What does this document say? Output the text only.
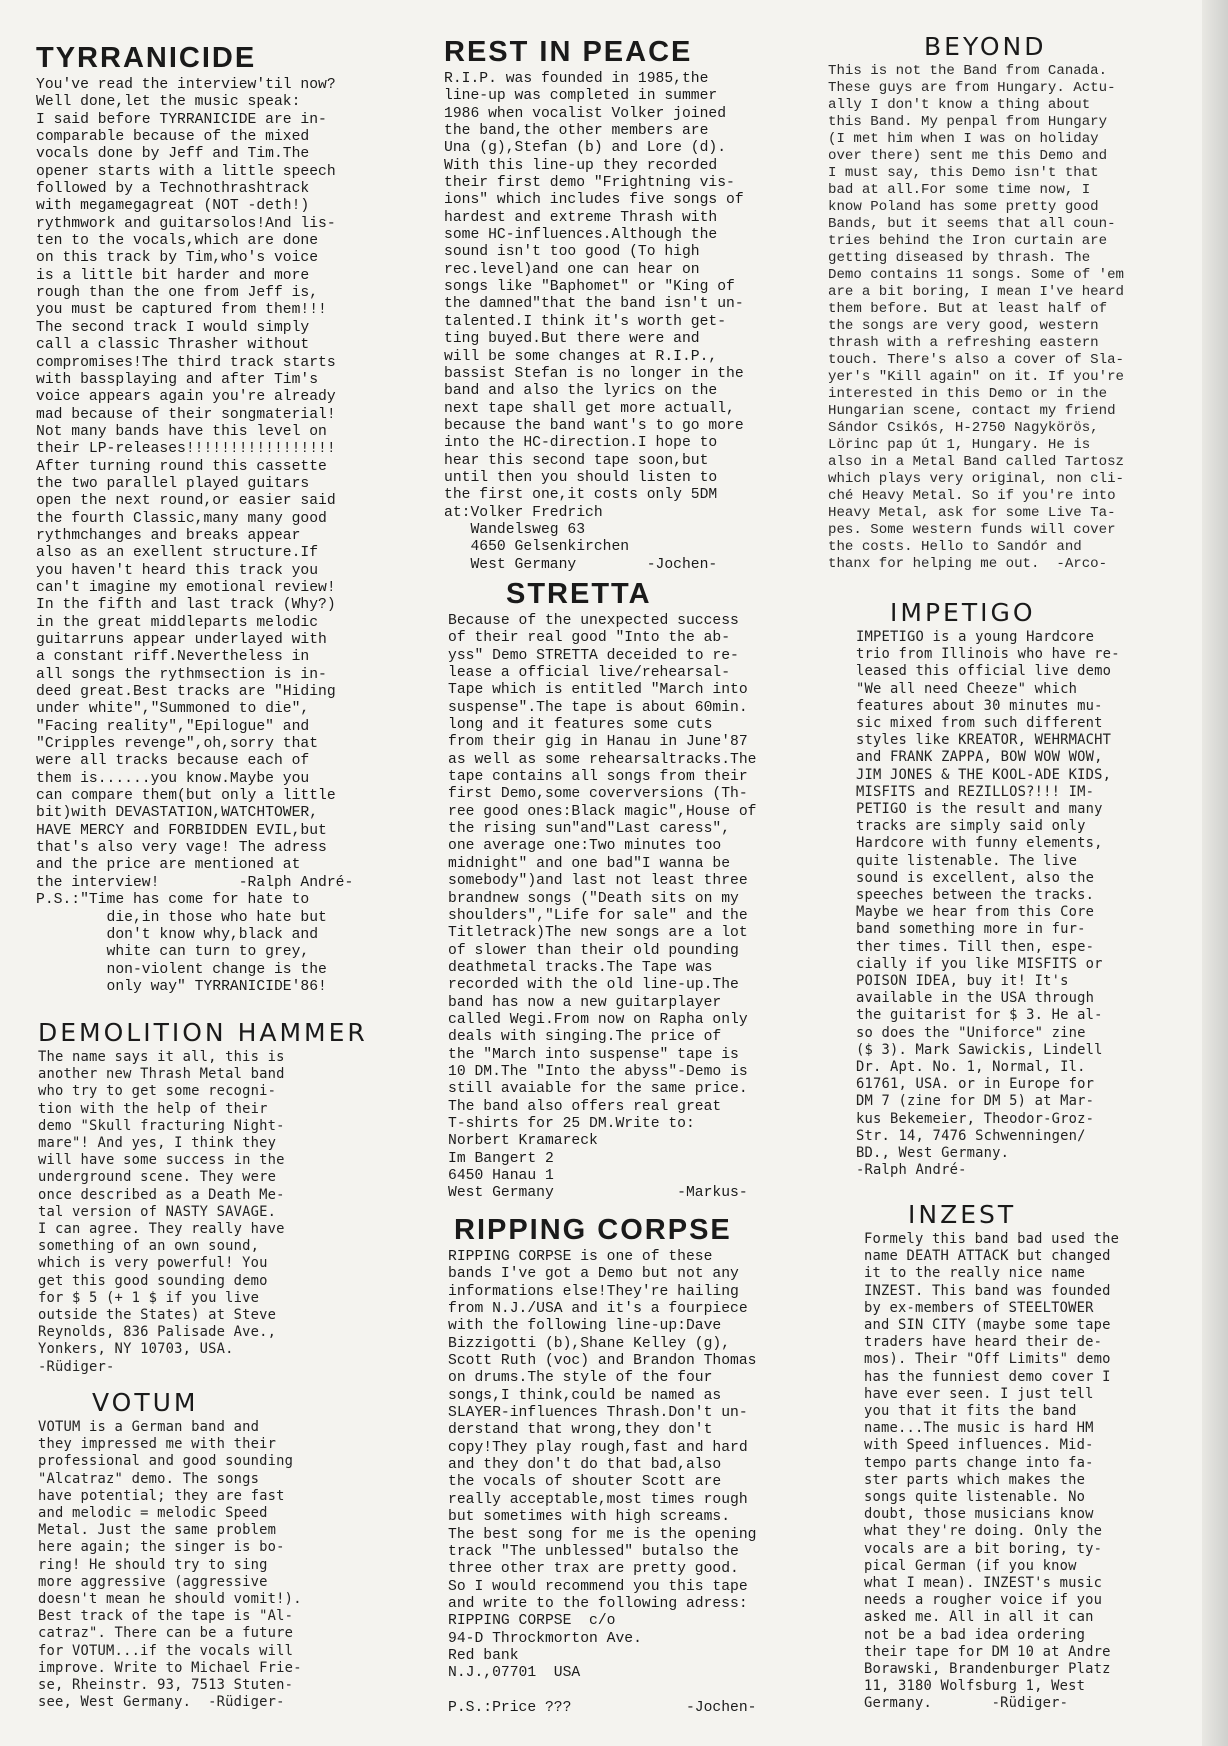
TYRRANICIDE
You've read the interview'til now?
Well done,let the music speak:
I said before TYRRANICIDE are in-
comparable because of the mixed
vocals done by Jeff and Tim.The
opener starts with a little speech
followed by a Technothrashtrack
with megamegagreat (NOT -deth!)
rythmwork and guitarsolos!And lis-
ten to the vocals,which are done
on this track by Tim,who's voice
is a little bit harder and more
rough than the one from Jeff is,
you must be captured from them!!!
The second track I would simply
call a classic Thrasher without
compromises!The third track starts
with bassplaying and after Tim's
voice appears again you're already
mad because of their songmaterial!
Not many bands have this level on
their LP-releases!!!!!!!!!!!!!!!!!
After turning round this cassette
the two parallel played guitars
open the next round,or easier said
the fourth Classic,many many good
rythmchanges and breaks appear
also as an exellent structure.If
you haven't heard this track you
can't imagine my emotional review!
In the fifth and last track (Why?)
in the great middleparts melodic
guitarruns appear underlayed with
a constant riff.Nevertheless in
all songs the rythmsection is in-
deed great.Best tracks are "Hiding
under white","Summoned to die",
"Facing reality","Epilogue" and
"Cripples revenge",oh,sorry that
were all tracks because each of
them is......you know.Maybe you
can compare them(but only a little
bit)with DEVASTATION,WATCHTOWER,
HAVE MERCY and FORBIDDEN EVIL,but
that's also very vage! The adress
and the price are mentioned at
the interview!         -Ralph André-
P.S.:"Time has come for hate to
die,in those who hate but
don't know why,black and
white can turn to grey,
non-violent change is the
only way" TYRRANICIDE'86!
DEMOLITION HAMMER
The name says it all, this is
another new Thrash Metal band
who try to get some recogni-
tion with the help of their
demo "Skull fracturing Night-
mare"! And yes, I think they
will have some success in the
underground scene. They were
once described as a Death Me-
tal version of NASTY SAVAGE.
I can agree. They really have
something of an own sound,
which is very powerful! You
get this good sounding demo
for $ 5 (+ 1 $ if you live
outside the States) at Steve
Reynolds, 836 Palisade Ave.,
Yonkers, NY 10703, USA.
-Rüdiger-
VOTUM
VOTUM is a German band and
they impressed me with their
professional and good sounding
"Alcatraz" demo. The songs
have potential; they are fast
and melodic = melodic Speed
Metal. Just the same problem
here again; the singer is bo-
ring! He should try to sing
more aggressive (aggressive
doesn't mean he should vomit!).
Best track of the tape is "Al-
catraz". There can be a future
for VOTUM...if the vocals will
improve. Write to Michael Frie-
se, Rheinstr. 93, 7513 Stuten-
see, West Germany.  -Rüdiger-
REST IN PEACE
R.I.P. was founded in 1985,the
line-up was completed in summer
1986 when vocalist Volker joined
the band,the other members are
Una (g),Stefan (b) and Lore (d).
With this line-up they recorded
their first demo "Frightning vis-
ions" which includes five songs of
hardest and extreme Thrash with
some HC-influences.Although the
sound isn't too good (To high
rec.level)and one can hear on
songs like "Baphomet" or "King of
the damned"that the band isn't un-
talented.I think it's worth get-
ting buyed.But there were and
will be some changes at R.I.P.,
bassist Stefan is no longer in the
band and also the lyrics on the
next tape shall get more actuall,
because the band want's to go more
into the HC-direction.I hope to
hear this second tape soon,but
until then you should listen to
the first one,it costs only 5DM
at:Volker Fredrich
Wandelsweg 63
4650 Gelsenkirchen
West Germany        -Jochen-
STRETTA
Because of the unexpected success
of their real good "Into the ab-
yss" Demo STRETTA deceided to re-
lease a official live/rehearsal-
Tape which is entitled "March into
suspense".The tape is about 60min.
long and it features some cuts
from their gig in Hanau in June'87
as well as some rehearsaltracks.The
tape contains all songs from their
first Demo,some coverversions (Th-
ree good ones:Black magic",House of
the rising sun"and"Last caress",
one average one:Two minutes too
midnight" and one bad"I wanna be
somebody")and last not least three
brandnew songs ("Death sits on my
shoulders","Life for sale" and the
Titletrack)The new songs are a lot
of slower than their old pounding
deathmetal tracks.The Tape was
recorded with the old line-up.The
band has now a new guitarplayer
called Wegi.From now on Rapha only
deals with singing.The price of
the "March into suspense" tape is
10 DM.The "Into the abyss"-Demo is
still avaiable for the same price.
The band also offers real great
T-shirts for 25 DM.Write to:
Norbert Kramareck
Im Bangert 2
6450 Hanau 1
West Germany              -Markus-
RIPPING CORPSE
RIPPING CORPSE is one of these
bands I've got a Demo but not any
informations else!They're hailing
from N.J./USA and it's a fourpiece
with the following line-up:Dave
Bizzigotti (b),Shane Kelley (g),
Scott Ruth (voc) and Brandon Thomas
on drums.The style of the four
songs,I think,could be named as
SLAYER-influences Thrash.Don't un-
derstand that wrong,they don't
copy!They play rough,fast and hard
and they don't do that bad,also
the vocals of shouter Scott are
really acceptable,most times rough
but sometimes with high screams.
The best song for me is the opening
track "The unblessed" butalso the
three other trax are pretty good.
So I would recommend you this tape
and write to the following adress:
RIPPING CORPSE  c/o
94-D Throckmorton Ave.
Red bank
N.J.,07701  USA

P.S.:Price ???             -Jochen-
BEYOND
This is not the Band from Canada.
These guys are from Hungary. Actu-
ally I don't know a thing about
this Band. My penpal from Hungary
(I met him when I was on holiday
over there) sent me this Demo and
I must say, this Demo isn't that
bad at all.For some time now, I
know Poland has some pretty good
Bands, but it seems that all coun-
tries behind the Iron curtain are
getting diseased by thrash. The
Demo contains 11 songs. Some of 'em
are a bit boring, I mean I've heard
them before. But at least half of
the songs are very good, western
thrash with a refreshing eastern
touch. There's also a cover of Sla-
yer's "Kill again" on it. If you're
interested in this Demo or in the
Hungarian scene, contact my friend
Sándor Csikós, H-2750 Nagykörös,
Lörinc pap út 1, Hungary. He is
also in a Metal Band called Tartosz
which plays very original, non cli-
ché Heavy Metal. So if you're into
Heavy Metal, ask for some Live Ta-
pes. Some western funds will cover
the costs. Hello to Sandór and
thanx for helping me out.  -Arco-
IMPETIGO
IMPETIGO is a young Hardcore
trio from Illinois who have re-
leased this official live demo
"We all need Cheeze" which
features about 30 minutes mu-
sic mixed from such different
styles like KREATOR, WEHRMACHT
and FRANK ZAPPA, BOW WOW WOW,
JIM JONES & THE KOOL-ADE KIDS,
MISFITS and REZILLOS?!!! IM-
PETIGO is the result and many
tracks are simply said only
Hardcore with funny elements,
quite listenable. The live
sound is excellent, also the
speeches between the tracks.
Maybe we hear from this Core
band something more in fur-
ther times. Till then, espe-
cially if you like MISFITS or
POISON IDEA, buy it! It's
available in the USA through
the guitarist for $ 3. He al-
so does the "Uniforce" zine
($ 3). Mark Sawickis, Lindell
Dr. Apt. No. 1, Normal, Il.
61761, USA. or in Europe for
DM 7 (zine for DM 5) at Mar-
kus Bekemeier, Theodor-Groz-
Str. 14, 7476 Schwenningen/
BD., West Germany.
-Ralph André-
INZEST
Formely this band bad used the
name DEATH ATTACK but changed
it to the really nice name
INZEST. This band was founded
by ex-members of STEELTOWER
and SIN CITY (maybe some tape
traders have heard their de-
mos). Their "Off Limits" demo
has the funniest demo cover I
have ever seen. I just tell
you that it fits the band
name...The music is hard HM
with Speed influences. Mid-
tempo parts change into fa-
ster parts which makes the
songs quite listenable. No
doubt, those musicians know
what they're doing. Only the
vocals are a bit boring, ty-
pical German (if you know
what I mean). INZEST's music
needs a rougher voice if you
asked me. All in all it can
not be a bad idea ordering
their tape for DM 10 at Andre
Borawski, Brandenburger Platz
11, 3180 Wolfsburg 1, West
Germany.       -Rüdiger-
